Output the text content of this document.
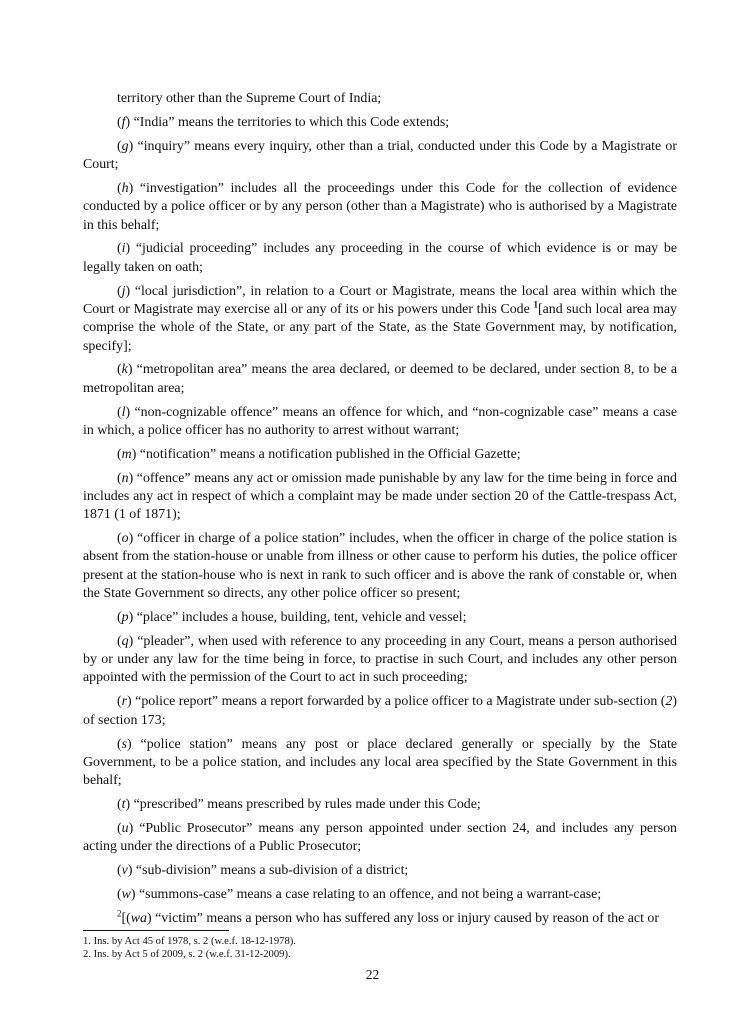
territory other than the Supreme Court of India;

(f) “India” means the territories to which this Code extends;

(g) “inquiry” means every inquiry, other than a trial, conducted under this Code by a Magistrate or Court;

(h) “investigation” includes all the proceedings under this Code for the collection of evidence conducted by a police officer or by any person (other than a Magistrate) who is authorised by a Magistrate in this behalf;

(i) “judicial proceeding” includes any proceeding in the course of which evidence is or may be legally taken on oath;

(j) “local jurisdiction”, in relation to a Court or Magistrate, means the local area within which the Court or Magistrate may exercise all or any of its or his powers under this Code $^1$[and such local area may comprise the whole of the State, or any part of the State, as the State Government may, by notification, specify];

(k) “metropolitan area” means the area declared, or deemed to be declared, under section 8, to be a metropolitan area;

(l) “non-cognizable offence” means an offence for which, and “non-cognizable case” means a case in which, a police officer has no authority to arrest without warrant;

(m) “notification” means a notification published in the Official Gazette;

(n) “offence” means any act or omission made punishable by any law for the time being in force and includes any act in respect of which a complaint may be made under section 20 of the Cattle-trespass Act, 1871 (1 of 1871);

(o) “officer in charge of a police station” includes, when the officer in charge of the police station is absent from the station-house or unable from illness or other cause to perform his duties, the police officer present at the station-house who is next in rank to such officer and is above the rank of constable or, when the State Government so directs, any other police officer so present;

(p) “place” includes a house, building, tent, vehicle and vessel;

(q) “pleader”, when used with reference to any proceeding in any Court, means a person authorised by or under any law for the time being in force, to practise in such Court, and includes any other person appointed with the permission of the Court to act in such proceeding;

(r) “police report” means a report forwarded by a police officer to a Magistrate under sub-section (2) of section 173;

(s) “police station” means any post or place declared generally or specially by the State Government, to be a police station, and includes any local area specified by the State Government in this behalf;

(t) “prescribed” means prescribed by rules made under this Code;

(u) “Public Prosecutor” means any person appointed under section 24, and includes any person acting under the directions of a Public Prosecutor;

(v) “sub-division” means a sub-division of a district;

(w) “summons-case” means a case relating to an offence, and not being a warrant-case;

$^2$[(wa) “victim” means a person who has suffered any loss or injury caused by reason of the act or

1. Ins. by Act 45 of 1978, s. 2 (w.e.f. 18-12-1978).

2. Ins. by Act 5 of 2009, s. 2 (w.e.f. 31-12-2009).

22
